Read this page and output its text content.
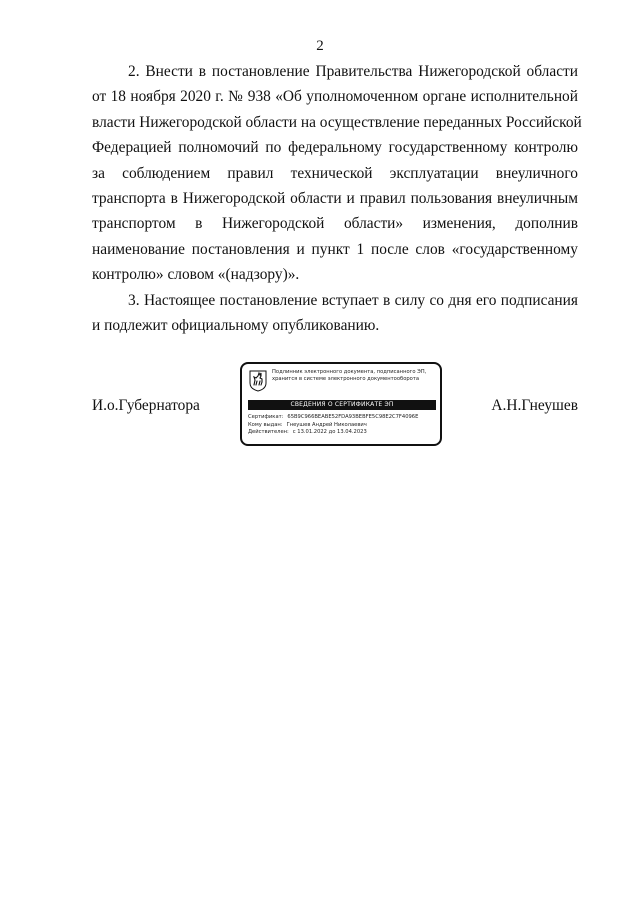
2
2. Внести в постановление Правительства Нижегородской области
от 18 ноября 2020 г. № 938 «Об уполномоченном органе исполнительной
власти Нижегородской области на осуществление переданных Российской
Федерацией полномочий по федеральному государственному контролю
за соблюдением правил технической эксплуатации внеуличного
транспорта в Нижегородской области и правил пользования внеуличным
транспортом в Нижегородской области» изменения, дополнив
наименование постановления и пункт 1 после слов «государственному
контролю» словом «(надзору)».
3. Настоящее постановление вступает в силу со дня его подписания
и подлежит официальному опубликованию.
И.о.Губернатора
Подлинник электронного документа, подписанного ЭП,
хранится в системе электронного документооборота
СВЕДЕНИЯ О СЕРТИФИКАТЕ ЭП
Сертификат: 65B9C966BEABE52FDA93BEBFE5C98E2C7F4096E
Кому выдан: Гнеушев Андрей Николаевич
Действителен: с 13.01.2022 до 13.04.2023
А.Н.Гнеушев
